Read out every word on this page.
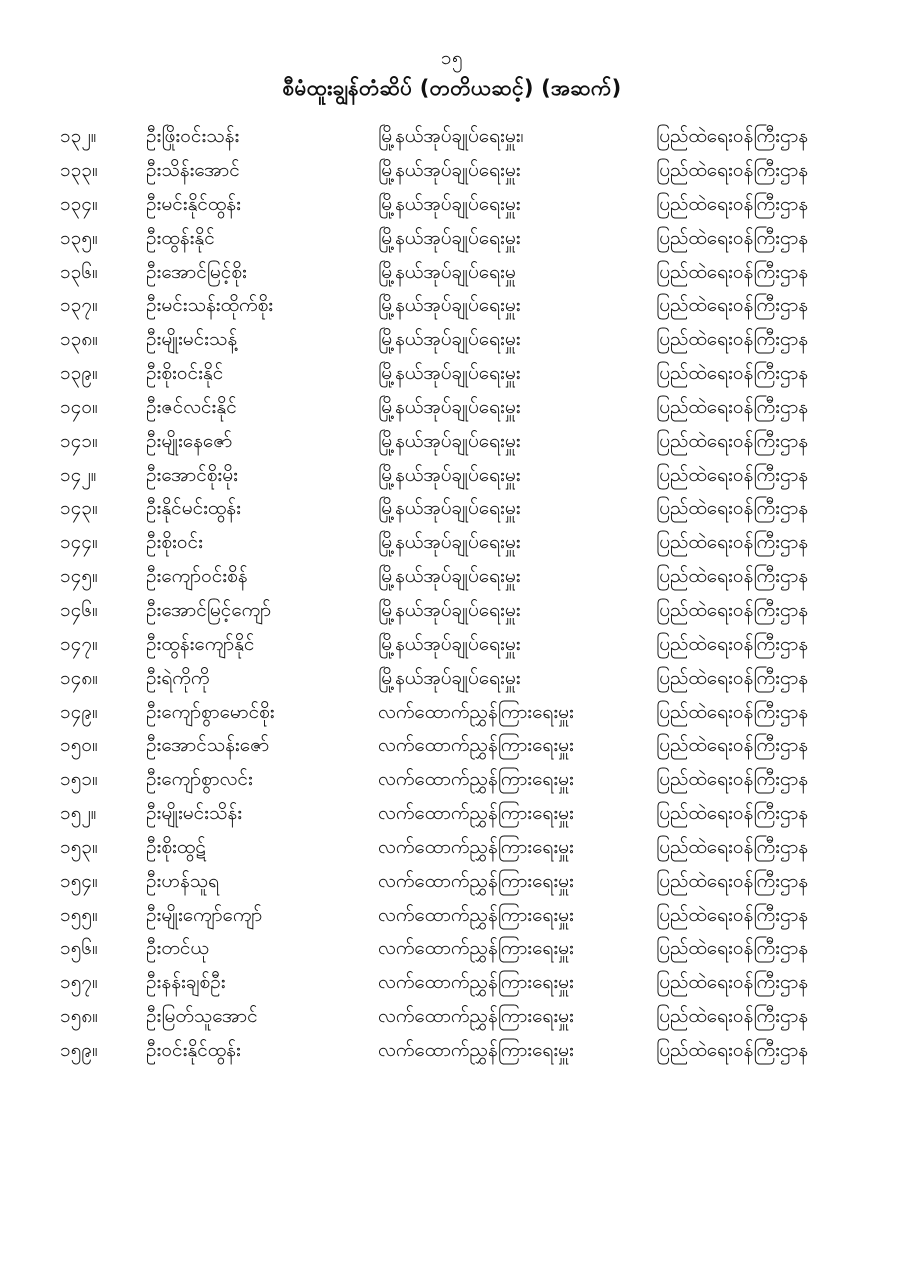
၁၅
စီမံထူးချွန်တံဆိပ် (တတိယဆင့်) (အဆက်)
၁၃၂။	ဦးဖြိုးဝင်းသန်း	မြို့နယ်အုပ်ချုပ်ရေးမှူး၊	ပြည်ထဲရေးဝန်ကြီးဌာန
၁၃၃။	ဦးသိန်းအောင်	မြို့နယ်အုပ်ချုပ်ရေးမှူး	ပြည်ထဲရေးဝန်ကြီးဌာန
၁၃၄။	ဦးမင်းနိုင်ထွန်း	မြို့နယ်အုပ်ချုပ်ရေးမှူး	ပြည်ထဲရေးဝန်ကြီးဌာန
၁၃၅။	ဦးထွန်းနိုင်	မြို့နယ်အုပ်ချုပ်ရေးမှူး	ပြည်ထဲရေးဝန်ကြီးဌာန
၁၃၆။	ဦးအောင်မြင့်စိုး	မြို့နယ်အုပ်ချုပ်ရေးမှူ	ပြည်ထဲရေးဝန်ကြီးဌာန
၁၃၇။	ဦးမင်းသန်းထိုက်စိုး	မြို့နယ်အုပ်ချုပ်ရေးမှူး	ပြည်ထဲရေးဝန်ကြီးဌာန
၁၃၈။	ဦးမျိုးမင်းသန့်	မြို့နယ်အုပ်ချုပ်ရေးမှူး	ပြည်ထဲရေးဝန်ကြီးဌာန
၁၃၉။	ဦးစိုးဝင်းနိုင်	မြို့နယ်အုပ်ချုပ်ရေးမှူး	ပြည်ထဲရေးဝန်ကြီးဌာန
၁၄၀။	ဦးဇင်လင်းနိုင်	မြို့နယ်အုပ်ချုပ်ရေးမှူး	ပြည်ထဲရေးဝန်ကြီးဌာန
၁၄၁။	ဦးမျိုးနေဇော်	မြို့နယ်အုပ်ချုပ်ရေးမှူး	ပြည်ထဲရေးဝန်ကြီးဌာန
၁၄၂။	ဦးအောင်စိုးမိုး	မြို့နယ်အုပ်ချုပ်ရေးမှူး	ပြည်ထဲရေးဝန်ကြီးဌာန
၁၄၃။	ဦးနိုင်မင်းထွန်း	မြို့နယ်အုပ်ချုပ်ရေးမှူး	ပြည်ထဲရေးဝန်ကြီးဌာန
၁၄၄။	ဦးစိုးဝင်း	မြို့နယ်အုပ်ချုပ်ရေးမှူး	ပြည်ထဲရေးဝန်ကြီးဌာန
၁၄၅။	ဦးကျော်ဝင်းစိန်	မြို့နယ်အုပ်ချုပ်ရေးမှူး	ပြည်ထဲရေးဝန်ကြီးဌာန
၁၄၆။	ဦးအောင်မြင့်ကျော်	မြို့နယ်အုပ်ချုပ်ရေးမှူး	ပြည်ထဲရေးဝန်ကြီးဌာန
၁၄၇။	ဦးထွန်းကျော်နိုင်	မြို့နယ်အုပ်ချုပ်ရေးမှူး	ပြည်ထဲရေးဝန်ကြီးဌာန
၁၄၈။	ဦးရဲကိုကို	မြို့နယ်အုပ်ချုပ်ရေးမှူး	ပြည်ထဲရေးဝန်ကြီးဌာန
၁၄၉။	ဦးကျော်စွာမောင်စိုး	လက်ထောက်ညွှန်ကြားရေးမှူး	ပြည်ထဲရေးဝန်ကြီးဌာန
၁၅၀။	ဦးအောင်သန်းဇော်	လက်ထောက်ညွှန်ကြားရေးမှူး	ပြည်ထဲရေးဝန်ကြီးဌာန
၁၅၁။	ဦးကျော်စွာလင်း	လက်ထောက်ညွှန်ကြားရေးမှူး	ပြည်ထဲရေးဝန်ကြီးဌာန
၁၅၂။	ဦးမျိုးမင်းသိန်း	လက်ထောက်ညွှန်ကြားရေးမှူး	ပြည်ထဲရေးဝန်ကြီးဌာန
၁၅၃။	ဦးစိုးထွဋ်	လက်ထောက်ညွှန်ကြားရေးမှူး	ပြည်ထဲရေးဝန်ကြီးဌာန
၁၅၄။	ဦးဟန်သူရ	လက်ထောက်ညွှန်ကြားရေးမှူး	ပြည်ထဲရေးဝန်ကြီးဌာန
၁၅၅။	ဦးမျိုးကျော်ကျော်	လက်ထောက်ညွှန်ကြားရေးမှူး	ပြည်ထဲရေးဝန်ကြီးဌာန
၁၅၆။	ဦးတင်ယု	လက်ထောက်ညွှန်ကြားရေးမှူး	ပြည်ထဲရေးဝန်ကြီးဌာန
၁၅၇။	ဦးနန်းချစ်ဦး	လက်ထောက်ညွှန်ကြားရေးမှူး	ပြည်ထဲရေးဝန်ကြီးဌာန
၁၅၈။	ဦးမြတ်သူအောင်	လက်ထောက်ညွှန်ကြားရေးမှူး	ပြည်ထဲရေးဝန်ကြီးဌာန
၁၅၉။	ဦးဝင်းနိုင်ထွန်း	လက်ထောက်ညွှန်ကြားရေးမှူး	ပြည်ထဲရေးဝန်ကြီးဌာန
